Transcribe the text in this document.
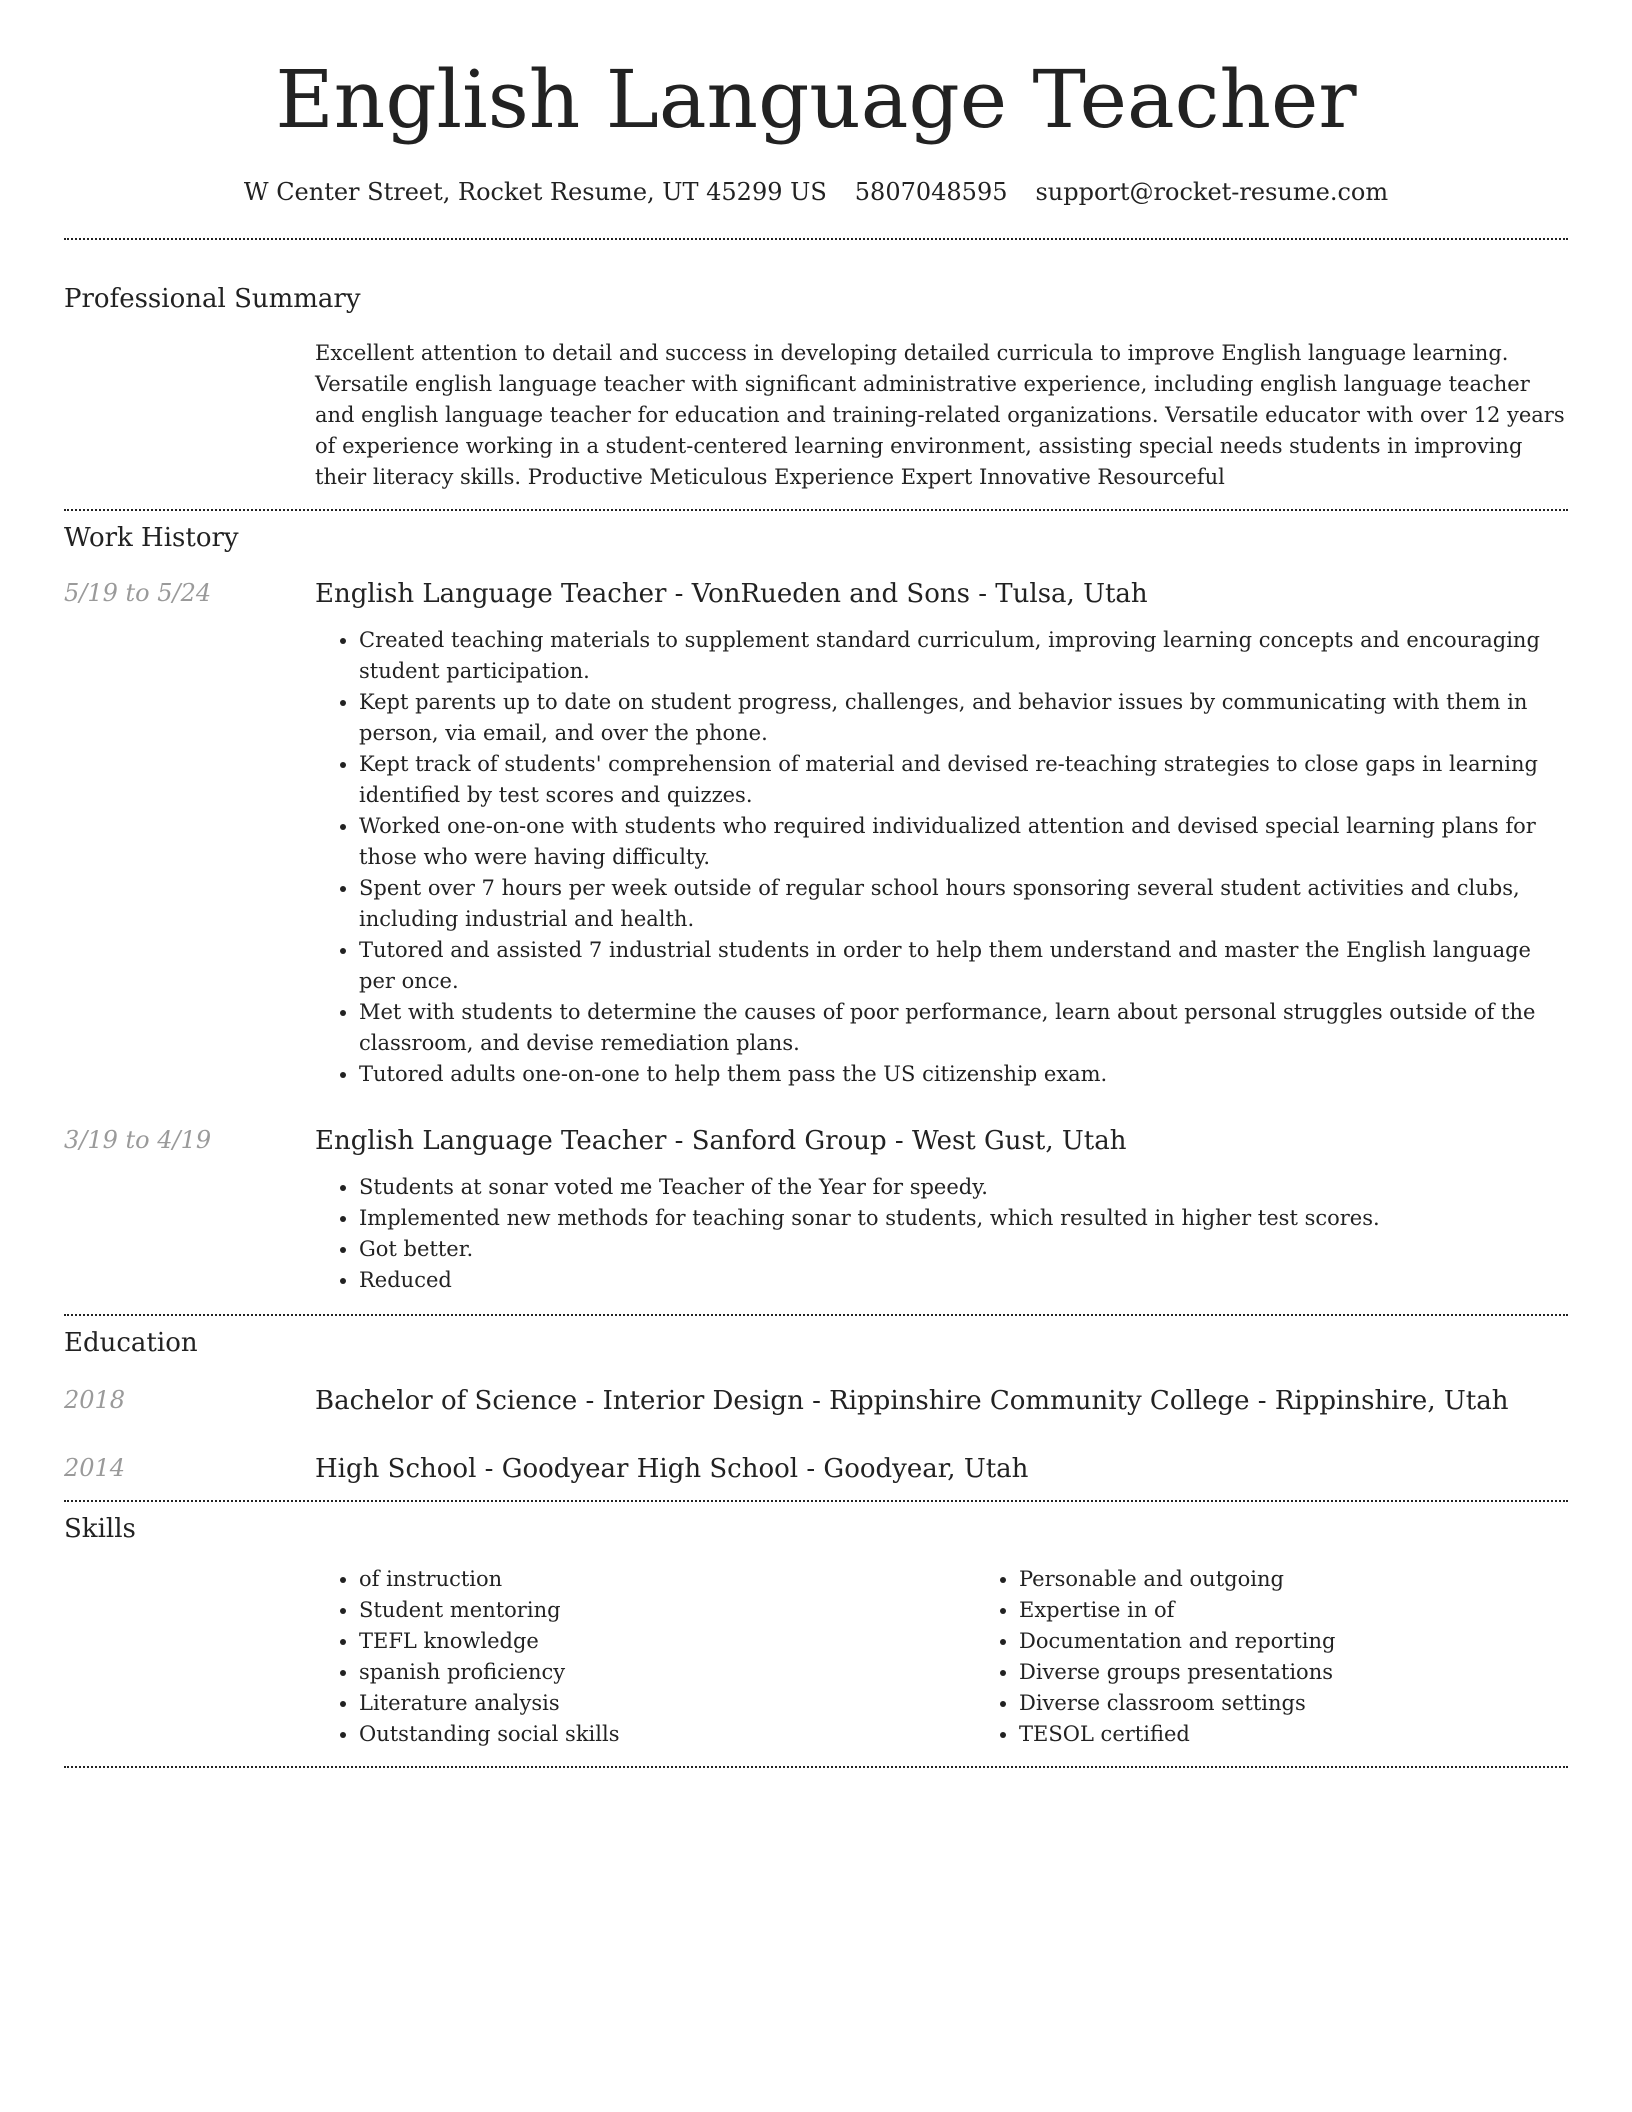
English Language Teacher
W Center Street, Rocket Resume, UT 45299 US 5807048595 support@rocket-resume.com
Professional Summary

Excellent attention to detail and success in developing detailed curricula to improve English language learning. Versatile english language teacher with significant administrative experience, including english language teacher and english language teacher for education and training-related organizations. Versatile educator with over 12 years of experience working in a student-centered learning environment, assisting special needs students in improving their literacy skills. Productive Meticulous Experience Expert Innovative Resourceful

Work History
5/19 to 5/24	English Language Teacher - VonRueden and Sons - Tulsa, Utah
• Created teaching materials to supplement standard curriculum, improving learning concepts and encouraging student participation.
• Kept parents up to date on student progress, challenges, and behavior issues by communicating with them in person, via email, and over the phone.
• Kept track of students' comprehension of material and devised re-teaching strategies to close gaps in learning identified by test scores and quizzes.
• Worked one-on-one with students who required individualized attention and devised special learning plans for those who were having difficulty.
• Spent over 7 hours per week outside of regular school hours sponsoring several student activities and clubs, including industrial and health.
• Tutored and assisted 7 industrial students in order to help them understand and master the English language per once.
• Met with students to determine the causes of poor performance, learn about personal struggles outside of the classroom, and devise remediation plans.
• Tutored adults one-on-one to help them pass the US citizenship exam.
3/19 to 4/19	English Language Teacher - Sanford Group - West Gust, Utah
• Students at sonar voted me Teacher of the Year for speedy.
• Implemented new methods for teaching sonar to students, which resulted in higher test scores.
• Got better.
• Reduced
Education
2018	Bachelor of Science - Interior Design - Rippinshire Community College - Rippinshire, Utah
2014	High School - Goodyear High School - Goodyear, Utah
Skills
• of instruction
• Student mentoring
• TEFL knowledge
• spanish proficiency
• Literature analysis
• Outstanding social skills
• Personable and outgoing
• Expertise in of
• Documentation and reporting
• Diverse groups presentations
• Diverse classroom settings
• TESOL certified
